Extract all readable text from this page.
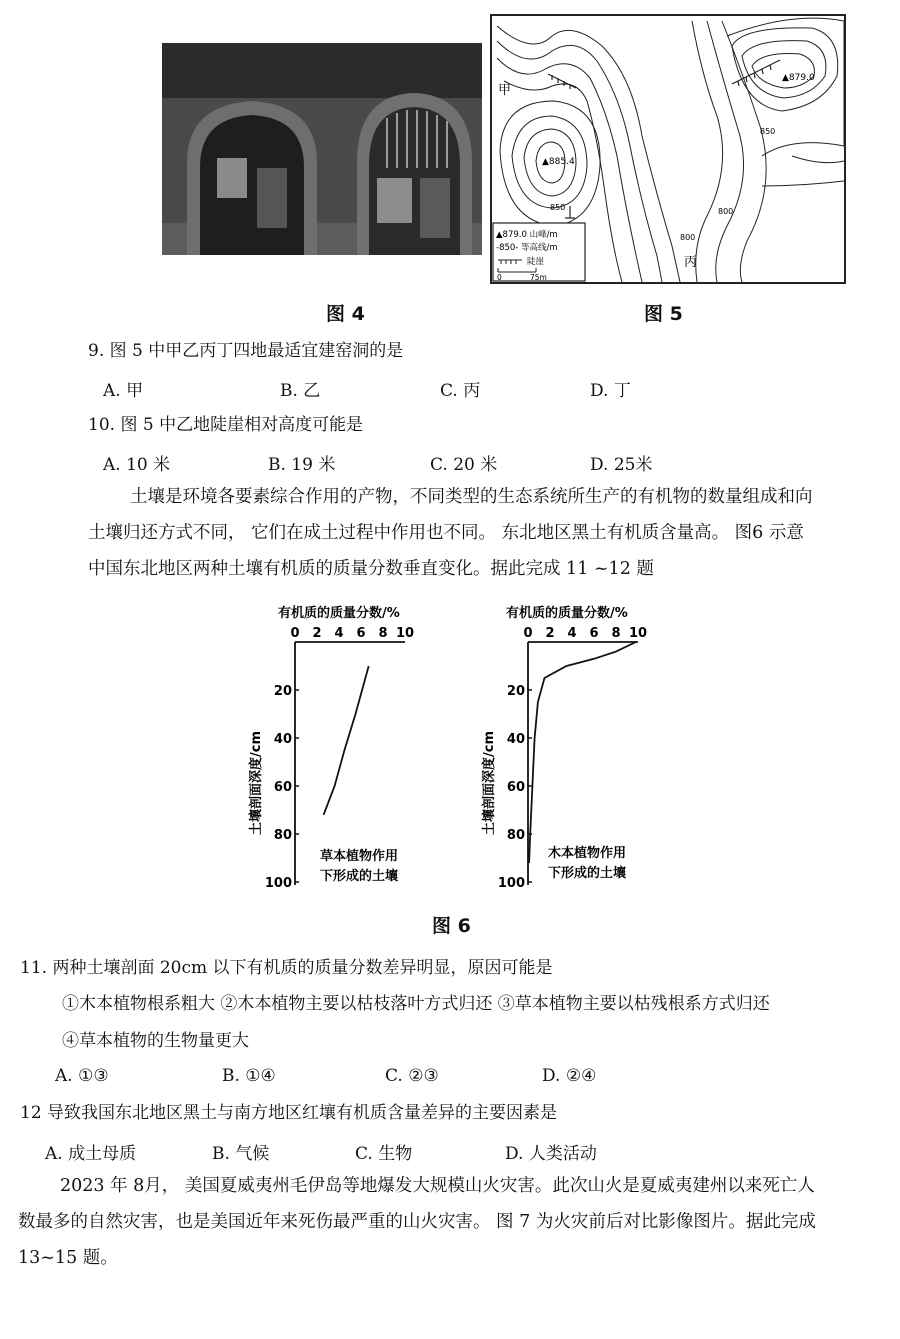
甲
丙
▲879.0
▲885.4
850
850	800
800
▲879.0 山峰/m
-850- 等高线/m
陡崖
0	75m
图 4	图 5
9. 图 5 中甲乙丙丁四地最适宜建窑洞的是
A. 甲	B. 乙	C. 丙	D. 丁
10. 图 5 中乙地陡崖相对高度可能是
A. 10 米	B. 19 米	C. 20 米	D. 25米
土壤是环境各要素综合作用的产物，不同类型的生态系统所生产的有机物的数量组成和向
土壤归还方式不同， 它们在成土过程中作用也不同。 东北地区黑土有机质含量高。 图6 示意
中国东北地区两种土壤有机质的质量分数垂直变化。据此完成 11 ~12 题
有机质的质量分数/%
0 2 4 6 8 10
20
40
60
80
100
土壤剖面深度/cm
草本植物作用
下形成的土壤
有机质的质量分数/%
0 2 4 6 8 10
20
40
60
80
100
土壤剖面深度/cm
木本植物作用
下形成的土壤
图 6
11. 两种土壤剖面 20cm 以下有机质的质量分数差异明显，原因可能是
①木本植物根系粗大 ②木本植物主要以枯枝落叶方式归还 ③草本植物主要以枯残根系方式归还
④草本植物的生物量更大
A. ①③	B. ①④	C. ②③	D. ②④
12 导致我国东北地区黑土与南方地区红壤有机质含量差异的主要因素是
A. 成土母质	B. 气候	C. 生物	D. 人类活动
2023 年 8月， 美国夏威夷州毛伊岛等地爆发大规模山火灾害。此次山火是夏威夷建州以来死亡人
数最多的自然灾害，也是美国近年来死伤最严重的山火灾害。 图 7 为火灾前后对比影像图片。据此完成
13~15 题。
